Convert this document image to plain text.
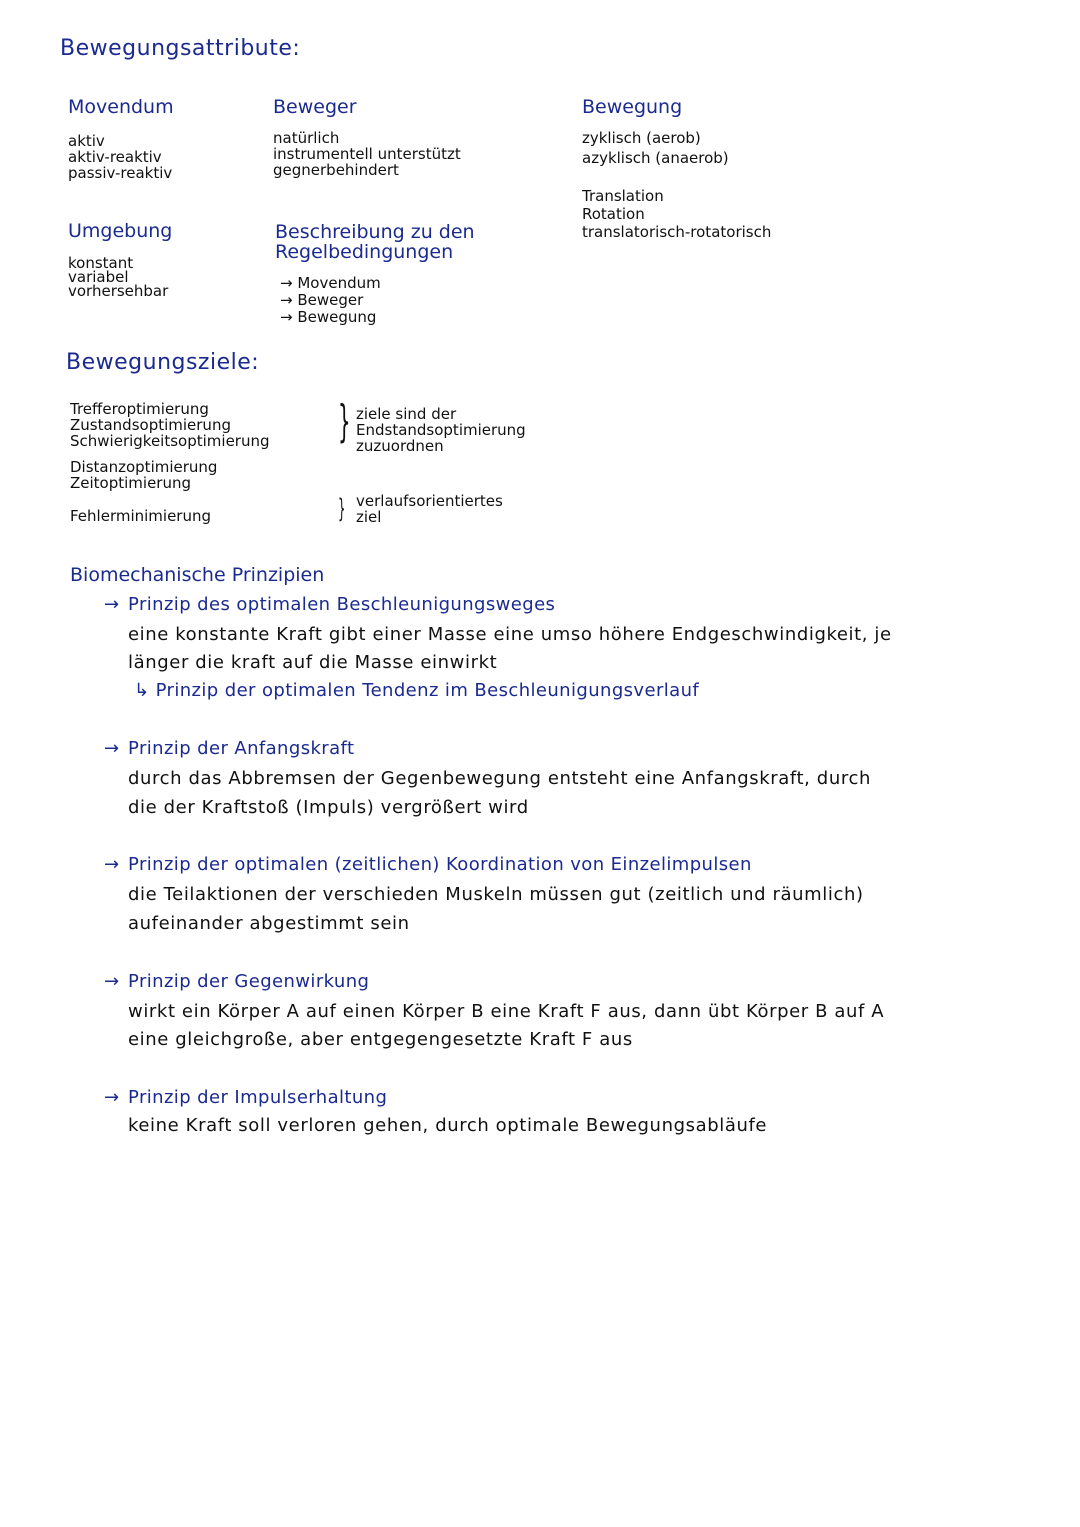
Bewegungsattribute:
Movendum
aktiv
aktiv-reaktiv
passiv-reaktiv
Beweger
natürlich
instrumentell unterstützt
gegnerbehindert
Bewegung
zyklisch (aerob)
azyklisch (anaerob)
Translation
Rotation
translatorisch-rotatorisch
Umgebung
konstant
variabel
vorhersehbar
Beschreibung zu den
Regelbedingungen
→ Movendum
→ Beweger
→ Bewegung
Bewegungsziele:
Trefferoptimierung
Zustandsoptimierung
Schwierigkeitsoptimierung } ziele sind der
Endstandsoptimierung
zuzuordnen
Distanzoptimierung
Zeitoptimierung
Fehlerminimierung	} verlaufsorientiertes
ziel
Biomechanische Prinzipien
→ Prinzip des optimalen Beschleunigungsweges
eine konstante Kraft gibt einer Masse eine umso höhere Endgeschwindigkeit, je
länger die kraft auf die Masse einwirkt
↳ Prinzip der optimalen Tendenz im Beschleunigungsverlauf
→ Prinzip der Anfangskraft
durch das Abbremsen der Gegenbewegung entsteht eine Anfangskraft, durch
die der Kraftstoß (Impuls) vergrößert wird
→ Prinzip der optimalen (zeitlichen) Koordination von Einzelimpulsen
die Teilaktionen der verschieden Muskeln müssen gut (zeitlich und räumlich)
aufeinander abgestimmt sein
→ Prinzip der Gegenwirkung
wirkt ein Körper A auf einen Körper B eine Kraft F aus, dann übt Körper B auf A
eine gleichgroße, aber entgegengesetzte Kraft F aus
→ Prinzip der Impulserhaltung
keine Kraft soll verloren gehen, durch optimale Bewegungsabläufe
